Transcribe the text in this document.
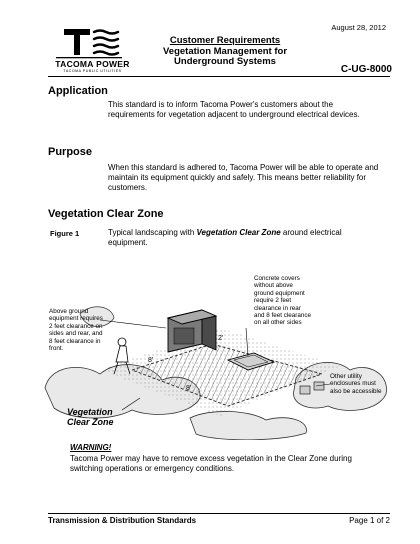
August 28, 2012
TACOMA POWER
TACOMA PUBLIC UTILITIES
Customer Requirements
Vegetation Management for
Underground Systems
C-UG-8000
Application
This standard is to inform Tacoma Power's customers about the requirements for vegetation adjacent to underground electrical devices.
Purpose
When this standard is adhered to, Tacoma Power will be able to operate and maintain its equipment quickly and safely. This means better reliability for customers.
Vegetation Clear Zone
Figure 1	Typical landscaping with Vegetation Clear Zone around electrical equipment.
8'
8'
2'
Above ground
equipment requires
2 feet clearance on
sides and rear, and
8 feet clearance in
front.
Concrete covers
without above
ground equipment
require 2 feet
clearance in rear
and 8 feet clearance
on all other sides
Other utility
enclosures must
also be accessible
Vegetation
Clear Zone
WARNING!
Tacoma Power may have to remove excess vegetation in the Clear Zone during switching operations or emergency conditions.
Transmission & Distribution Standards	Page 1 of 2
